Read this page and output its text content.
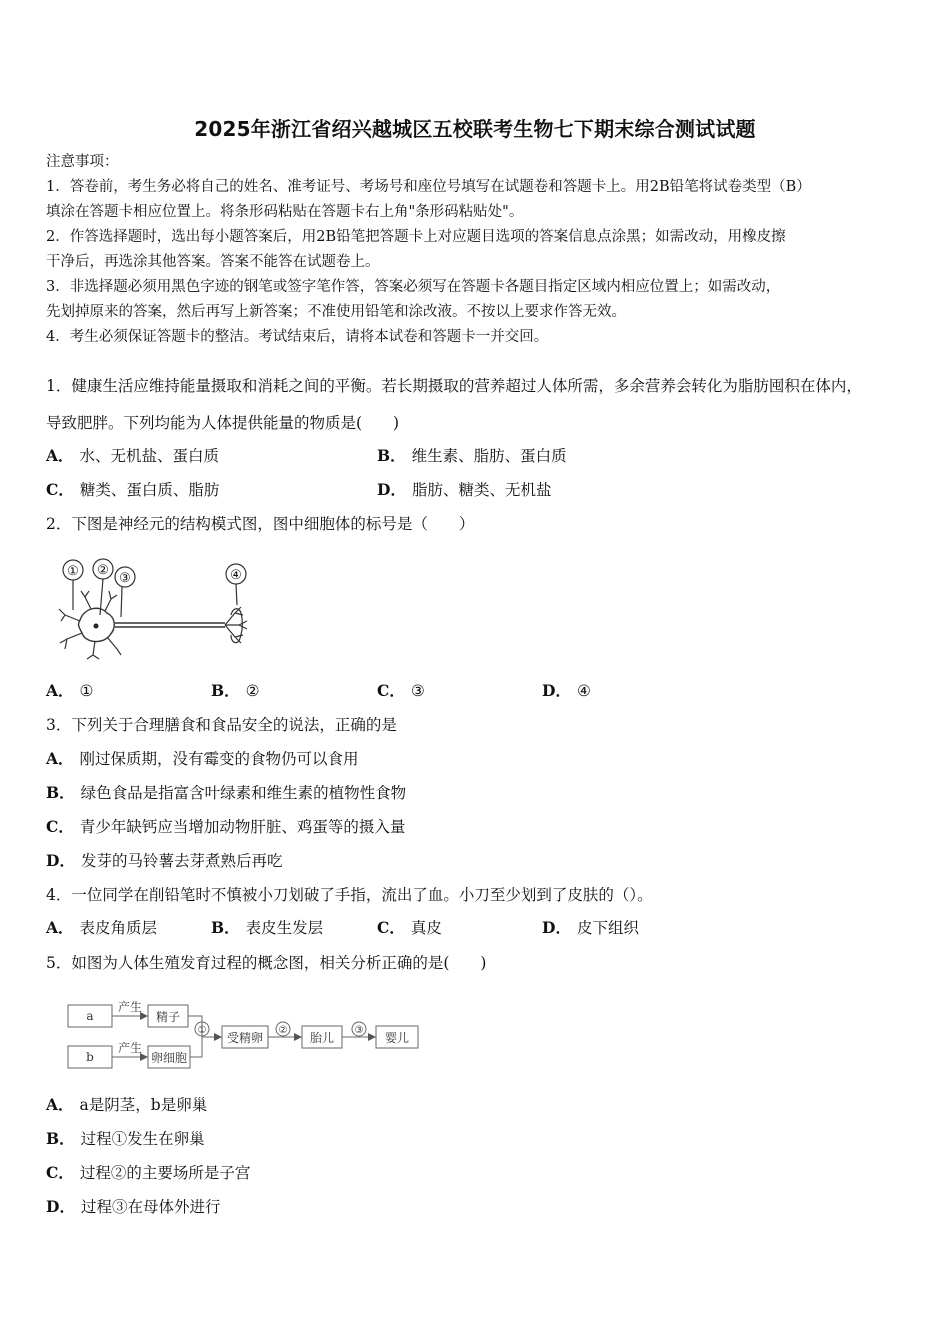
2025年浙江省绍兴越城区五校联考生物七下期末综合测试试题

注意事项：

1．答卷前，考生务必将自己的姓名、准考证号、考场号和座位号填写在试题卷和答题卡上。用2B铅笔将试卷类型（B）

填涂在答题卡相应位置上。将条形码粘贴在答题卡右上角"条形码粘贴处"。

2．作答选择题时，选出每小题答案后，用2B铅笔把答题卡上对应题目选项的答案信息点涂黑；如需改动，用橡皮擦

干净后，再选涂其他答案。答案不能答在试题卷上。

3．非选择题必须用黑色字迹的钢笔或签字笔作答，答案必须写在答题卡各题目指定区域内相应位置上；如需改动，

先划掉原来的答案，然后再写上新答案；不准使用铅笔和涂改液。不按以上要求作答无效。

4．考生必须保证答题卡的整洁。考试结束后，请将本试卷和答题卡一并交回。

1．健康生活应维持能量摄取和消耗之间的平衡。若长期摄取的营养超过人体所需，多余营养会转化为脂肪囤积在体内，
导致肥胖。下列均能为人体提供能量的物质是(　　)
A． 水、无机盐、蛋白质	B． 维生素、脂肪、蛋白质
C． 糖类、蛋白质、脂肪	D． 脂肪、糖类、无机盐
2．下图是神经元的结构模式图，图中细胞体的标号是（　　）
① ②
③	④
A． ①	B． ②	C． ③	D． ④
3．下列关于合理膳食和食品安全的说法，正确的是
A． 刚过保质期，没有霉变的食物仍可以食用
B． 绿色食品是指富含叶绿素和维生素的植物性食物
C． 青少年缺钙应当增加动物肝脏、鸡蛋等的摄入量
D． 发芽的马铃薯去芽煮熟后再吃
4．一位同学在削铅笔时不慎被小刀划破了手指，流出了血。小刀至少划到了皮肤的（）。
A． 表皮角质层	B． 表皮生发层	C． 真皮	D． 皮下组织
5．如图为人体生殖发育过程的概念图，相关分析正确的是(　　)
a
产生
精子
b
产生
卵细胞
受精卵	胎儿	婴儿
①	②	③
A． a是阴茎，b是卵巢
B． 过程①发生在卵巢
C． 过程②的主要场所是子宫
D． 过程③在母体外进行
